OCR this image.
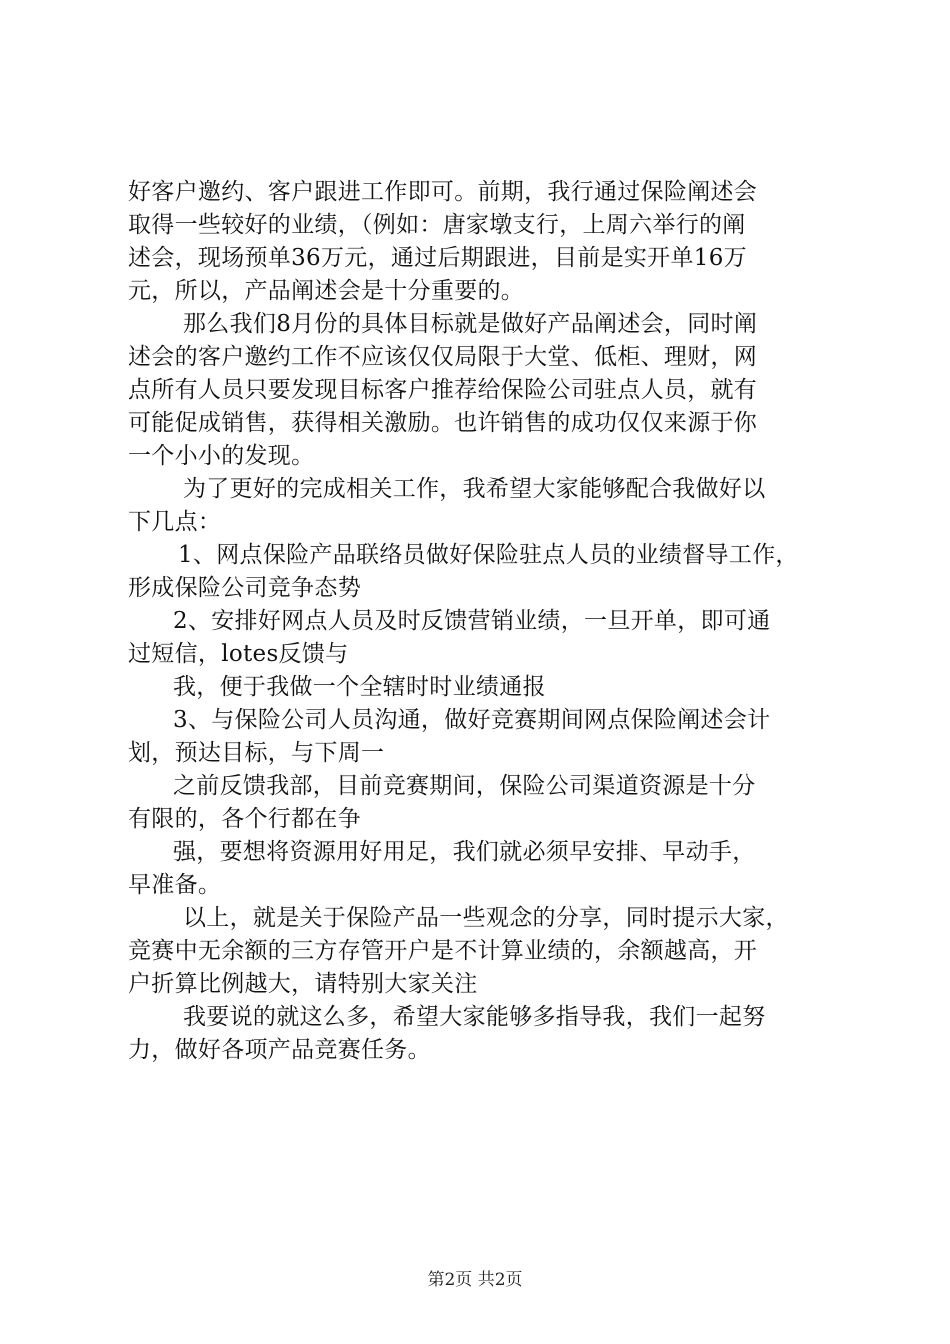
好客户邀约、客户跟进工作即可。前期，我行通过保险阐述会
取得一些较好的业绩，（例如：唐家墩支行，上周六举行的阐
述会，现场预单36万元，通过后期跟进，目前是实开单16万
元，所以，产品阐述会是十分重要的。
那么我们8月份的具体目标就是做好产品阐述会，同时阐
述会的客户邀约工作不应该仅仅局限于大堂、低柜、理财，网
点所有人员只要发现目标客户推荐给保险公司驻点人员，就有
可能促成销售，获得相关激励。也许销售的成功仅仅来源于你
一个小小的发现。
为了更好的完成相关工作，我希望大家能够配合我做好以
下几点：
1、网点保险产品联络员做好保险驻点人员的业绩督导工作，
形成保险公司竞争态势
2、安排好网点人员及时反馈营销业绩，一旦开单，即可通
过短信，lotes反馈与
我，便于我做一个全辖时时业绩通报
3、与保险公司人员沟通，做好竞赛期间网点保险阐述会计
划，预达目标，与下周一
之前反馈我部，目前竞赛期间，保险公司渠道资源是十分
有限的，各个行都在争
强，要想将资源用好用足，我们就必须早安排、早动手，
早准备。
以上，就是关于保险产品一些观念的分享，同时提示大家，
竞赛中无余额的三方存管开户是不计算业绩的，余额越高，开
户折算比例越大，请特别大家关注
我要说的就这么多，希望大家能够多指导我，我们一起努
力，做好各项产品竞赛任务。
第2页 共2页
